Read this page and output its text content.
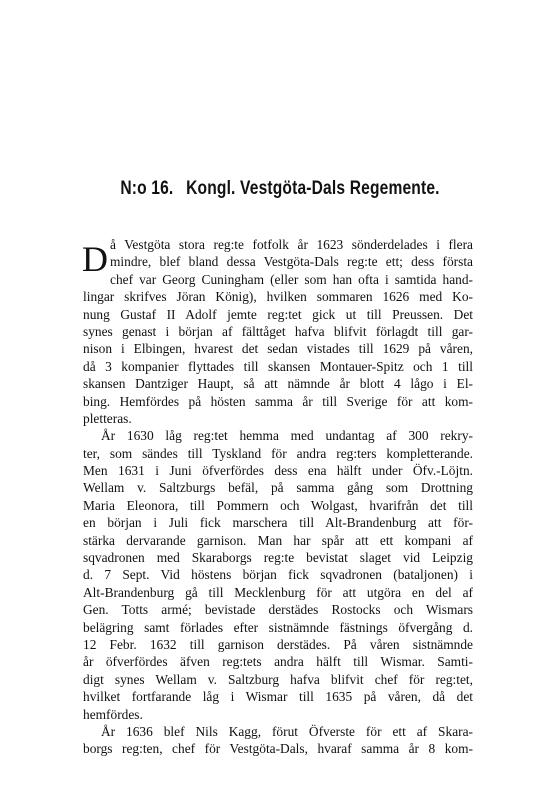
N:o 16. Kongl. Vestgöta-Dals Regemente.
D å Vestgöta stora reg:te fotfolk år 1623 sönderdelades i flera
mindre, blef bland dessa Vestgöta-Dals reg:te ett; dess första
chef var Georg Cuningham (eller som han ofta i samtida hand-
lingar skrifves Jöran König), hvilken sommaren 1626 med Ko-
nung Gustaf II Adolf jemte reg:tet gick ut till Preussen. Det
synes genast i början af fälttåget hafva blifvit förlagdt till gar-
nison i Elbingen, hvarest det sedan vistades till 1629 på våren,
då 3 kompanier flyttades till skansen Montauer-Spitz och 1 till
skansen Dantziger Haupt, så att nämnde år blott 4 lågo i El-
bing. Hemfördes på hösten samma år till Sverige för att kom-
pletteras.
År 1630 låg reg:tet hemma med undantag af 300 rekry-
ter, som sändes till Tyskland för andra reg:ters kompletterande.
Men 1631 i Juni öfverfördes dess ena hälft under Öfv.-Löjtn.
Wellam v. Saltzburgs befäl, på samma gång som Drottning
Maria Eleonora, till Pommern och Wolgast, hvarifrån det till
en början i Juli fick marschera till Alt-Brandenburg att för-
stärka dervarande garnison. Man har spår att ett kompani af
sqvadronen med Skaraborgs reg:te bevistat slaget vid Leipzig
d. 7 Sept. Vid höstens början fick sqvadronen (bataljonen) i
Alt-Brandenburg gå till Mecklenburg för att utgöra en del af
Gen. Totts armé; bevistade derstädes Rostocks och Wismars
belägring samt förlades efter sistnämnde fästnings öfvergång d.
12 Febr. 1632 till garnison derstädes. På våren sistnämnde
år öfverfördes äfven reg:tets andra hälft till Wismar. Samti-
digt synes Wellam v. Saltzburg hafva blifvit chef för reg:tet,
hvilket fortfarande låg i Wismar till 1635 på våren, då det
hemfördes.
År 1636 blef Nils Kagg, förut Öfverste för ett af Skara-
borgs reg:ten, chef för Vestgöta-Dals, hvaraf samma år 8 kom-
